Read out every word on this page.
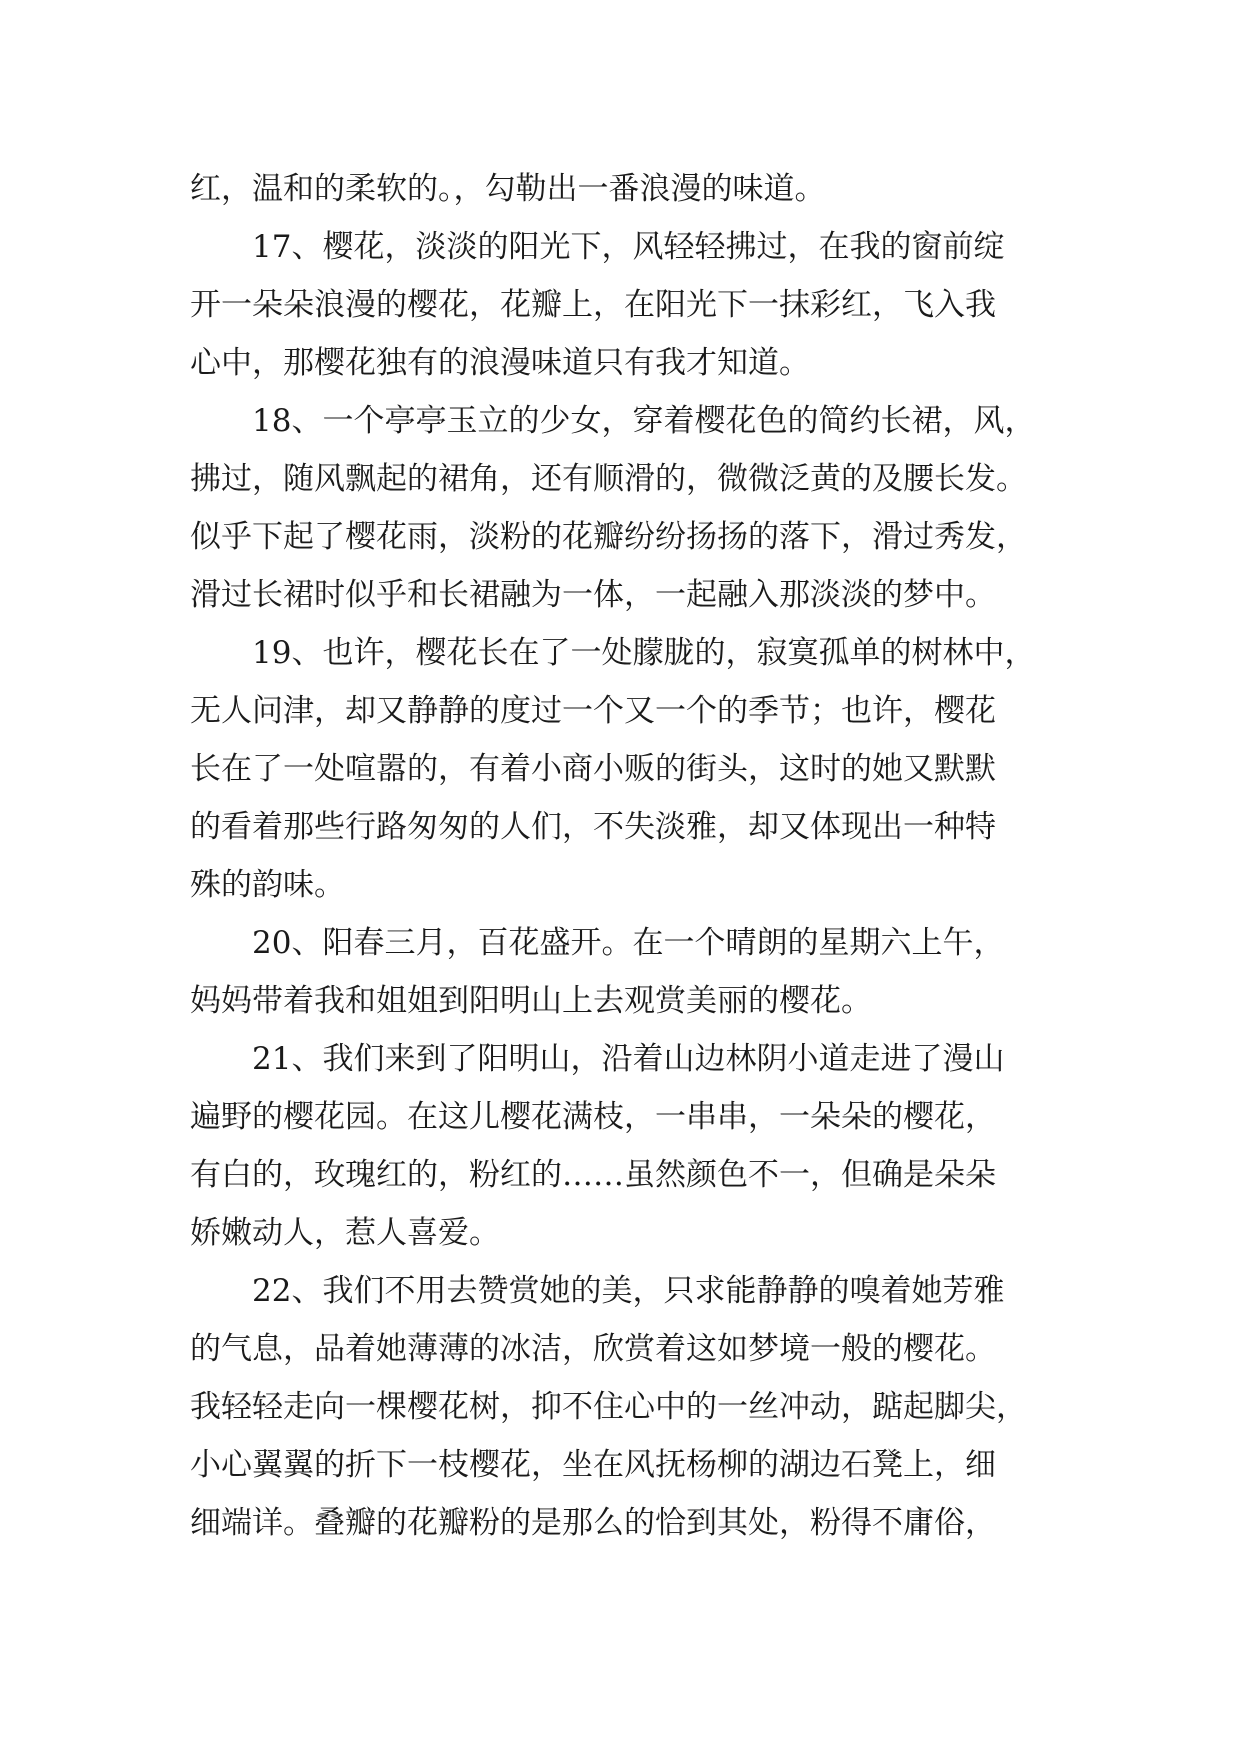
红，温和的柔软的。，勾勒出一番浪漫的味道。
17、樱花，淡淡的阳光下，风轻轻拂过，在我的窗前绽
开一朵朵浪漫的樱花，花瓣上，在阳光下一抹彩红，飞入我
心中，那樱花独有的浪漫味道只有我才知道。
18、一个亭亭玉立的少女，穿着樱花色的简约长裙，风，
拂过，随风飘起的裙角，还有顺滑的，微微泛黄的及腰长发。
似乎下起了樱花雨，淡粉的花瓣纷纷扬扬的落下，滑过秀发，
滑过长裙时似乎和长裙融为一体，一起融入那淡淡的梦中。
19、也许，樱花长在了一处朦胧的，寂寞孤单的树林中，
无人问津，却又静静的度过一个又一个的季节；也许，樱花
长在了一处喧嚣的，有着小商小贩的街头，这时的她又默默
的看着那些行路匆匆的人们，不失淡雅，却又体现出一种特
殊的韵味。
20、阳春三月，百花盛开。在一个晴朗的星期六上午，
妈妈带着我和姐姐到阳明山上去观赏美丽的樱花。
21、我们来到了阳明山，沿着山边林阴小道走进了漫山
遍野的樱花园。在这儿樱花满枝，一串串，一朵朵的樱花，
有白的，玫瑰红的，粉红的……虽然颜色不一，但确是朵朵
娇嫩动人，惹人喜爱。
22、我们不用去赞赏她的美，只求能静静的嗅着她芳雅
的气息，品着她薄薄的冰洁，欣赏着这如梦境一般的樱花。
我轻轻走向一棵樱花树，抑不住心中的一丝冲动，踮起脚尖，
小心翼翼的折下一枝樱花，坐在风抚杨柳的湖边石凳上，细
细端详。叠瓣的花瓣粉的是那么的恰到其处，粉得不庸俗，
